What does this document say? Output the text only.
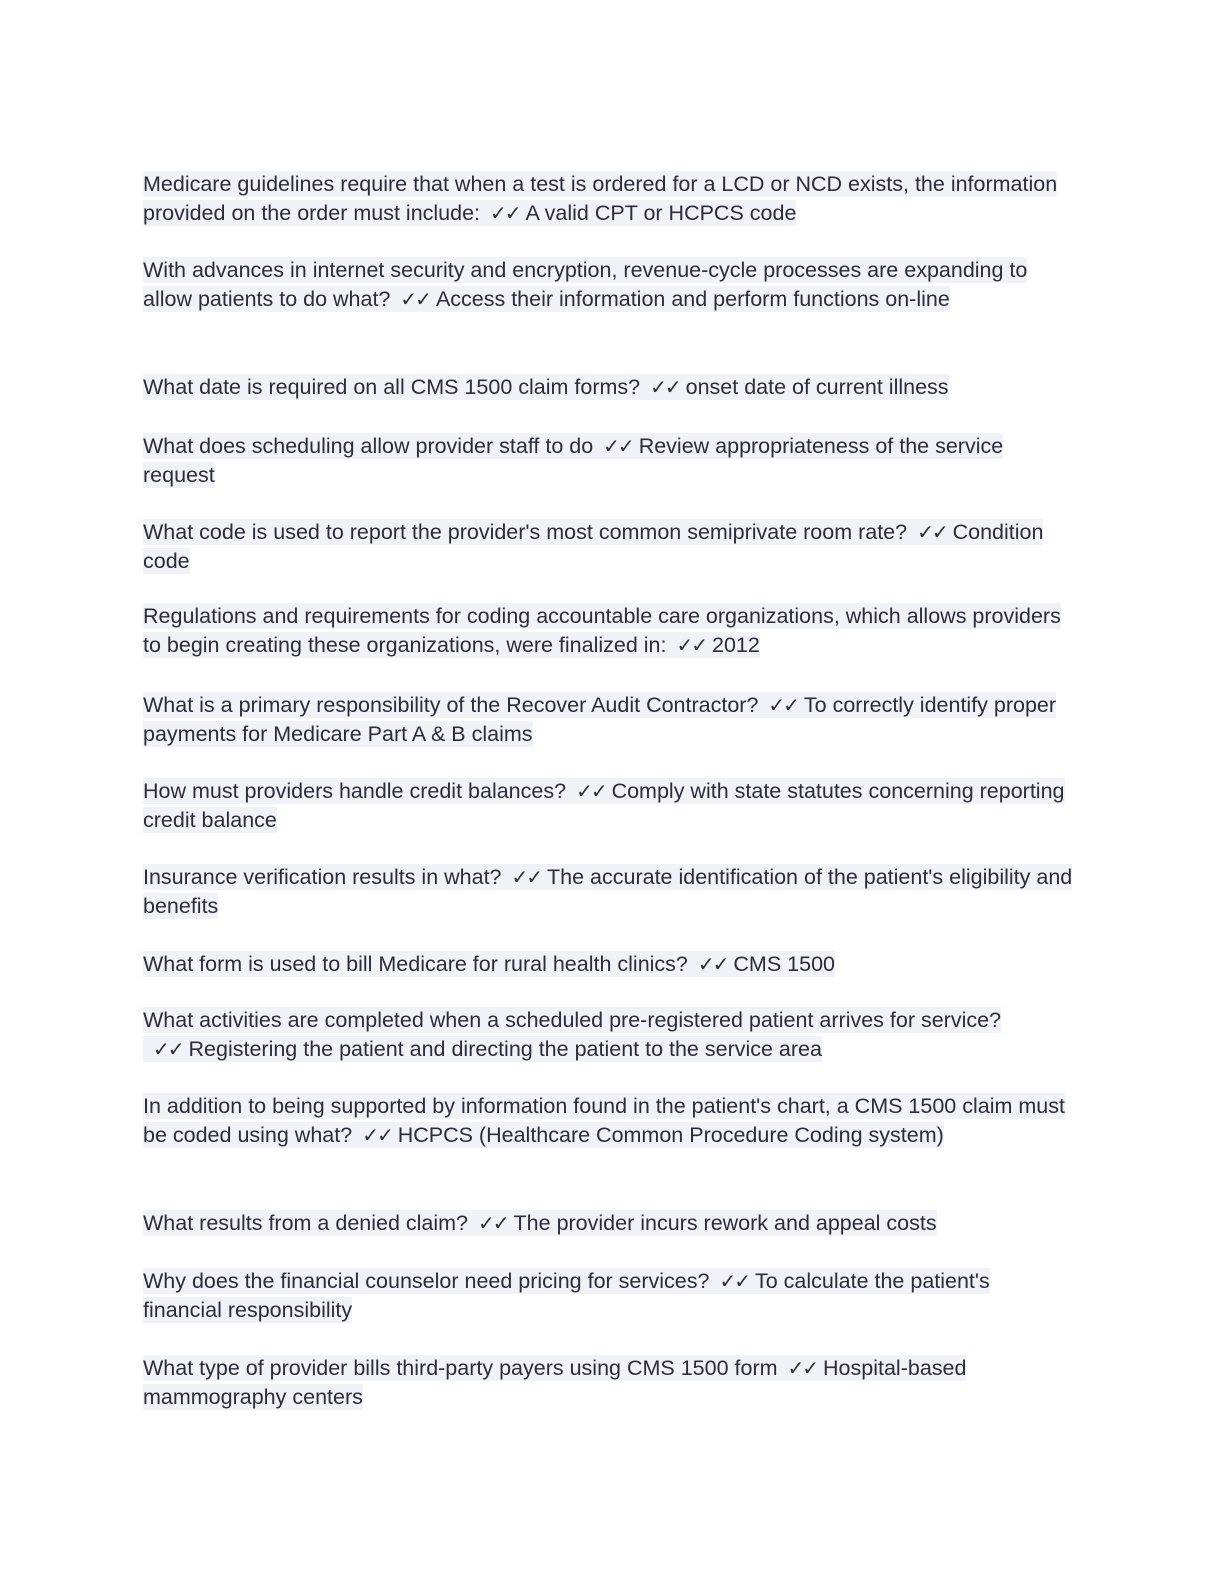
Medicare guidelines require that when a test is ordered for a LCD or NCD exists, the information provided on the order must include: ✓✓ A valid CPT or HCPCS code

With advances in internet security and encryption, revenue-cycle processes are expanding to allow patients to do what? ✓✓ Access their information and perform functions on-line

What date is required on all CMS 1500 claim forms? ✓✓ onset date of current illness

What does scheduling allow provider staff to do ✓✓ Review appropriateness of the service request

What code is used to report the provider's most common semiprivate room rate? ✓✓ Condition code

Regulations and requirements for coding accountable care organizations, which allows providers to begin creating these organizations, were finalized in: ✓✓ 2012

What is a primary responsibility of the Recover Audit Contractor? ✓✓ To correctly identify proper payments for Medicare Part A & B claims

How must providers handle credit balances? ✓✓ Comply with state statutes concerning reporting credit balance

Insurance verification results in what? ✓✓ The accurate identification of the patient's eligibility and benefits

What form is used to bill Medicare for rural health clinics? ✓✓ CMS 1500

What activities are completed when a scheduled pre-registered patient arrives for service?✓✓ Registering the patient and directing the patient to the service area

In addition to being supported by information found in the patient's chart, a CMS 1500 claim must be coded using what? ✓✓ HCPCS (Healthcare Common Procedure Coding system)

What results from a denied claim? ✓✓ The provider incurs rework and appeal costs

Why does the financial counselor need pricing for services? ✓✓ To calculate the patient's financial responsibility

What type of provider bills third-party payers using CMS 1500 form ✓✓ Hospital-based mammography centers
